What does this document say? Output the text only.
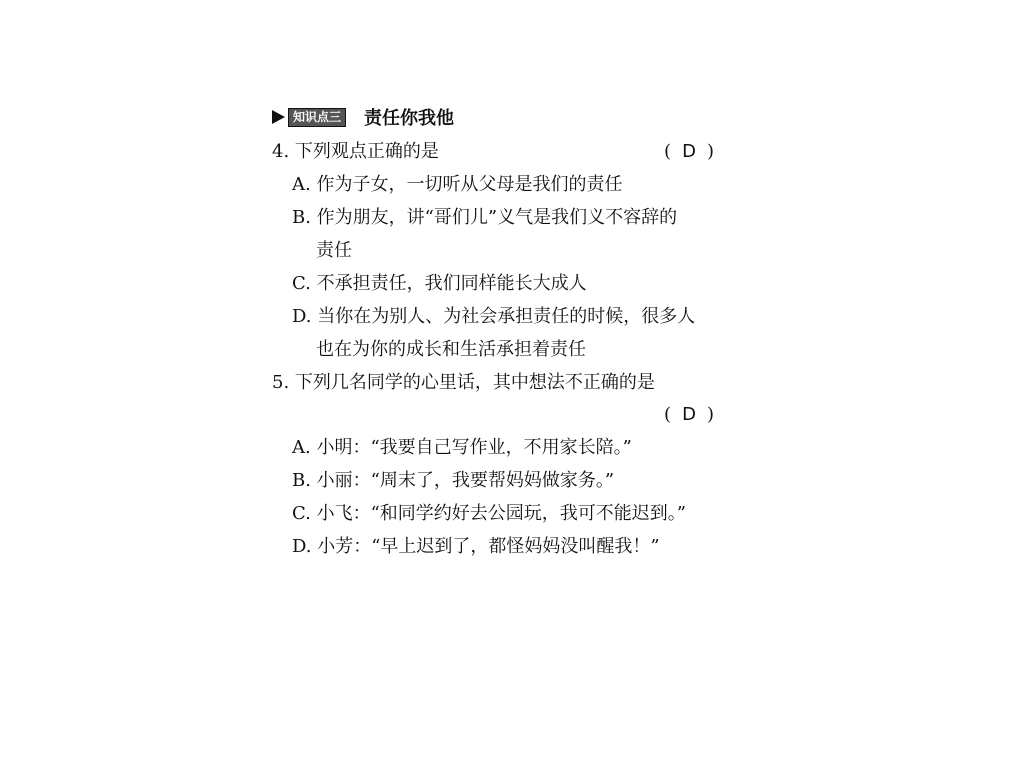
知识点三 责任你我他
4. 下列观点正确的是	( D )
A. 作为子女，一切听从父母是我们的责任
B. 作为朋友，讲“哥们儿”义气是我们义不容辞的
责任
C. 不承担责任，我们同样能长大成人
D. 当你在为别人、为社会承担责任的时候，很多人
也在为你的成长和生活承担着责任
5. 下列几名同学的心里话，其中想法不正确的是
( D )
A. 小明：“我要自己写作业，不用家长陪。”
B. 小丽：“周末了，我要帮妈妈做家务。”
C. 小飞：“和同学约好去公园玩，我可不能迟到。”
D. 小芳：“早上迟到了，都怪妈妈没叫醒我！”
